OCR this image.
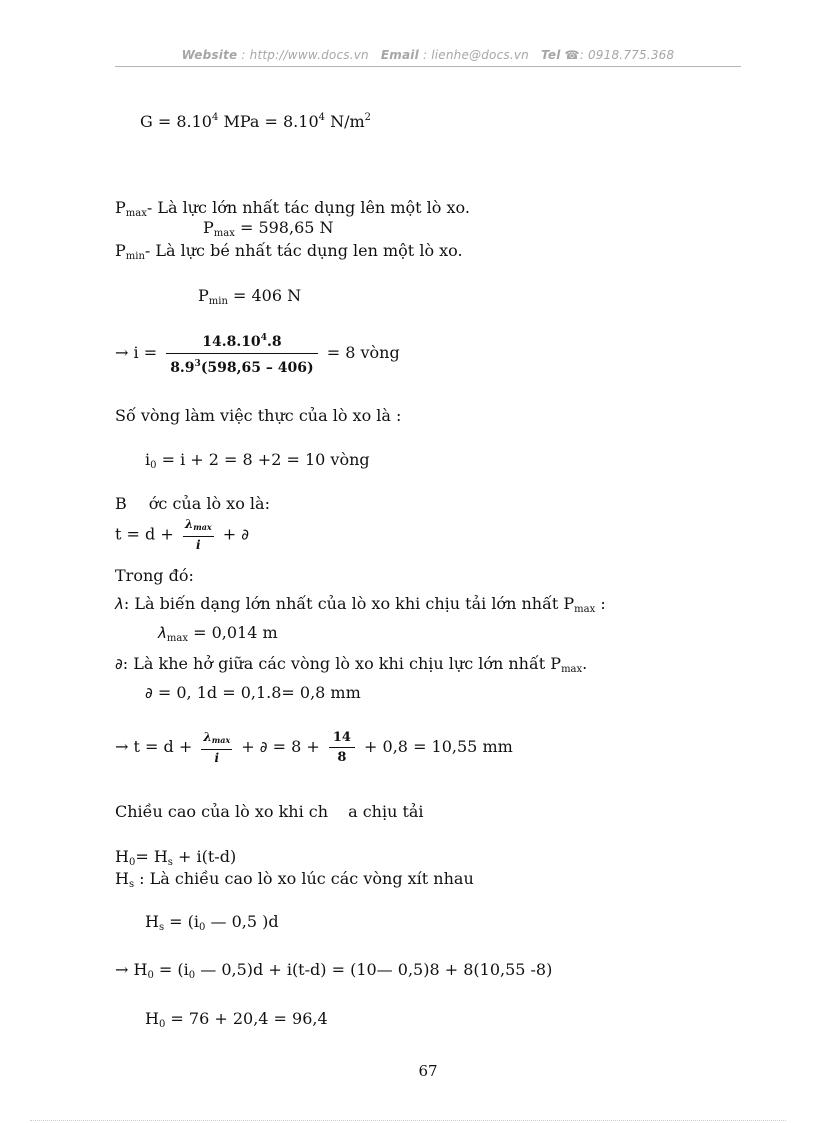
Website : http://www.docs.vn Email : lienhe@docs.vn Tel ☎: 0918.775.368
$G = 8.10^4$ MPa = $8.10^4$ $N/m^2$
$P_{max}-$ Là lực lớn nhất tác dụng lên một lò xo.
$P_{max} = 598,65$ N
$P_{min}-$ Là lực bé nhất tác dụng len một lò xo.
$P_{min} = 406$ N
→ $i = \frac{14.8.10^4.8}{8.9^3(598,65 - 406)} = 8$ vòng
Số vòng làm việc thực của lò xo là :
$i_0 = i + 2 = 8 +2 = 10$ vòng
B ớc của lò xo là:
$t = d + \frac{\lambda\max}{i}$ + ∂
Trong đó:
λ: Là biến dạng lớn nhất của lò xo khi chịu tải lớn nhất $P_{max}$ :
$\lambda_{max} = 0,014$ m
∂: Là khe hở giữa các vòng lò xo khi chịu lực lớn nhất $P_{max}$.
∂ = 0, 1d = 0,1.8= 0,8 mm
→ $t = d + \frac{\lambda\max}{i}$ + ∂ = $8 + \frac{14}{8} + 0,8 = 10,55$ mm
Chiều cao của lò xo khi ch a chịu tải
$H_0= H_s + i(t-d)$
$H_s$ : Là chiều cao lò xo lúc các vòng xít nhau
$H_s = (i_0$ — 0,5 )d
→ $H_0 = (i_0$ — 0,5)d + i(t-d) = (10— 0,5)8 + 8(10,55 -8)
$H_0 = 76 + 20,4 = 96,4$
67
